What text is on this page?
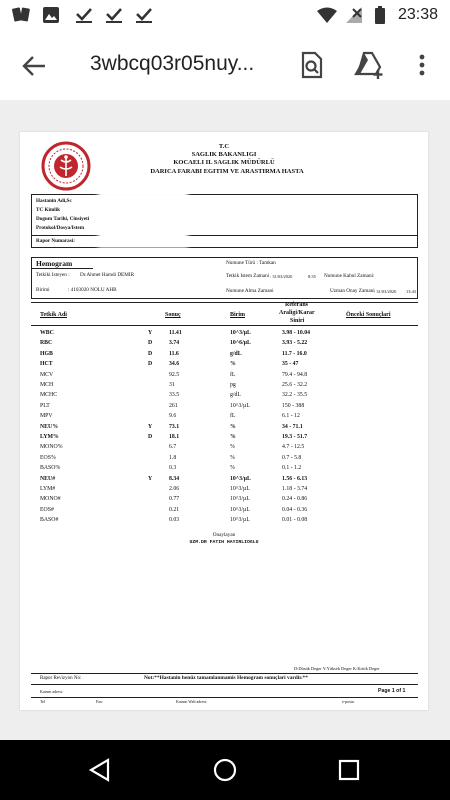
23:38
3wbcq03r05nuy...
T.C
SAGLIK BAKANLIGI
KOCAELI IL SAGLIK MÜDÜRLÜ
DARICA FARABI EGITIM VE ARASTIRMA HASTA
Hastanin Adi,Sc
TC Kimlik
Dogum Tarihi, Cinsiyeti
Protokol/Dosya/Istem
Rapor Numarasi:
Hemogram	Numune Türü : Tamkan
Tetkiki Isteyen : Dr.Ahmet Hamdi DEMIR	Tetkik Istem Zamani : 31/03/2020	8:35 Numune Kabul Zamani:
Birimi	: 4103020 NOLU AHB	Numune Alma Zamani	Uzman Onay Zamani : 31/03/2020 13:43
Tetkik Adi	Sonuç	Birim
Referans
Araligi/Karar
Siniri
Önceki Sonuçlari
WBC	Y	11.41	10^3/µL	3.98 - 10.04
RBC	D	3.74	10^6/µL	3.93 - 5.22
HGB	D	11.6	g/dL	11.7 - 16.0
HCT	D	34.6	%	35 - 47
MCV	92.5	fL	79.4 - 94.8
MCH	31	pg	25.6 - 32.2
MCHC	33.5	g/dL	32.2 - 35.5
PLT	261	10^3/µL	150 - 388
MPV	9.6	fL	6.1 - 12
NEU%	Y	73.1	%	34 - 71.1
LYM%	D	18.1	%	19.3 - 51.7
MONO%	6.7	%	4.7 - 12.5
EOS%	1.8	%	0.7 - 5.8
BASO%	0.3	%	0.1 - 1.2
NEU#	Y	8.34	10^3/µL	1.56 - 6.13
LYM#	2.06	10^3/µL	1.18 - 3.74
MONO#	0.77	10^3/µL	0.24 - 0.86
EOS#	0.21	10^3/µL	0.04 - 0.36
BASO#	0.03	10^3/µL	0.01 - 0.08
Onaylayan
UZM.DR FATIH HAYIRLIOGLU
D:Düsük Deger Y:Yüksek Deger K:Kritik Deger
Rapor Revizyon No:	Not:**Hastanin henüz tamamlanmamis Hemogram sonuçlari vardir.**
Kurum adresi:	Page 1 of 1
Tel	Fax:	Kurum Web adresi:	e-posta:
